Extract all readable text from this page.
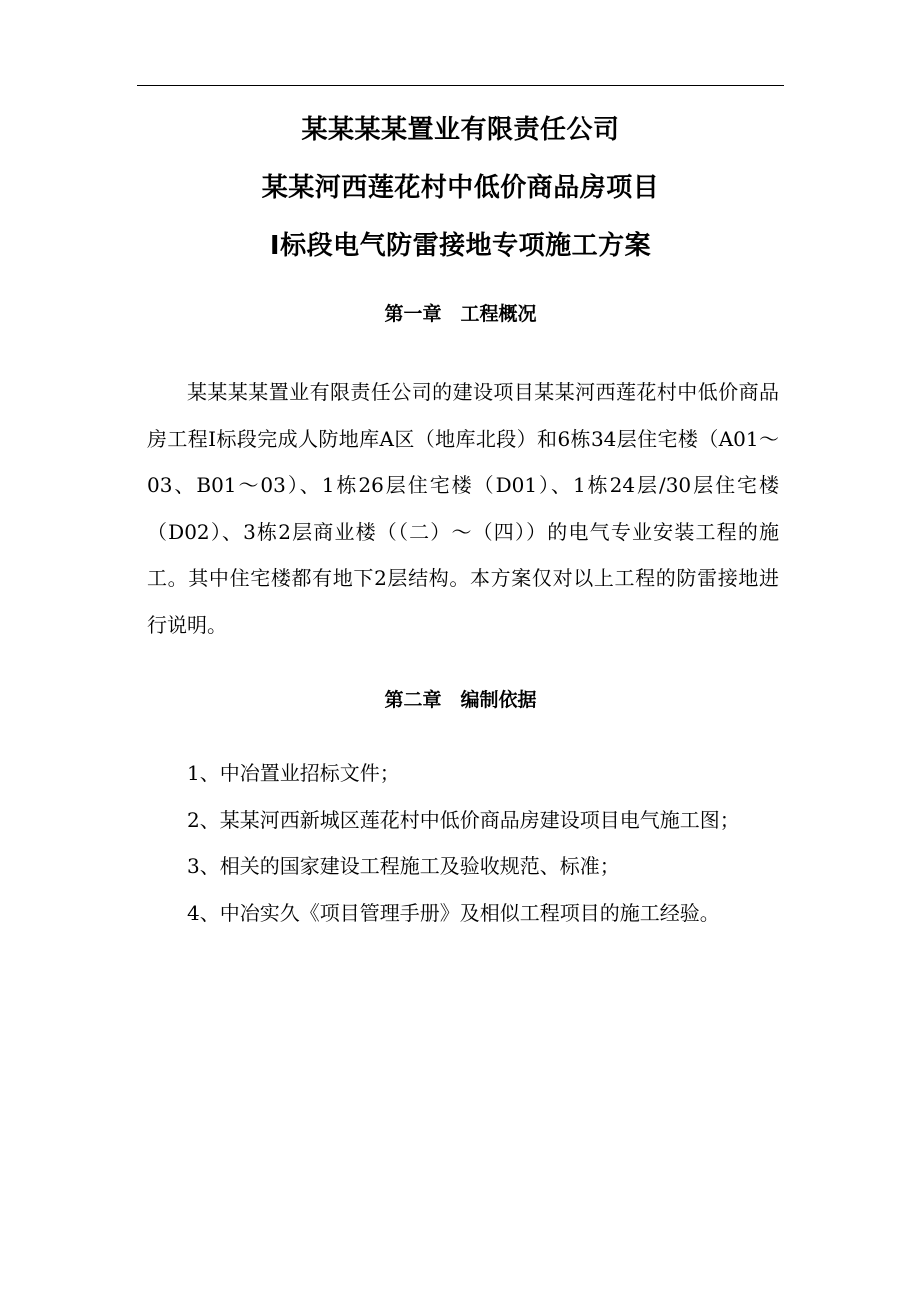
某某某某置业有限责任公司
某某河西莲花村中低价商品房项目
Ⅰ标段电气防雷接地专项施工方案
第一章　工程概况

某某某某置业有限责任公司的建设项目某某河西莲花村中低价商品房工程Ⅰ标段完成人防地库A区（地库北段）和6栋34层住宅楼（A01～03、B01～03）、1栋26层住宅楼（D01）、1栋24层/30层住宅楼（D02）、3栋2层商业楼（（二）～（四））的电气专业安装工程的施工。其中住宅楼都有地下2层结构。本方案仅对以上工程的防雷接地进行说明。

第二章　编制依据
1、中冶置业招标文件；
2、某某河西新城区莲花村中低价商品房建设项目电气施工图；
3、相关的国家建设工程施工及验收规范、标准；
4、中冶实久《项目管理手册》及相似工程项目的施工经验。
